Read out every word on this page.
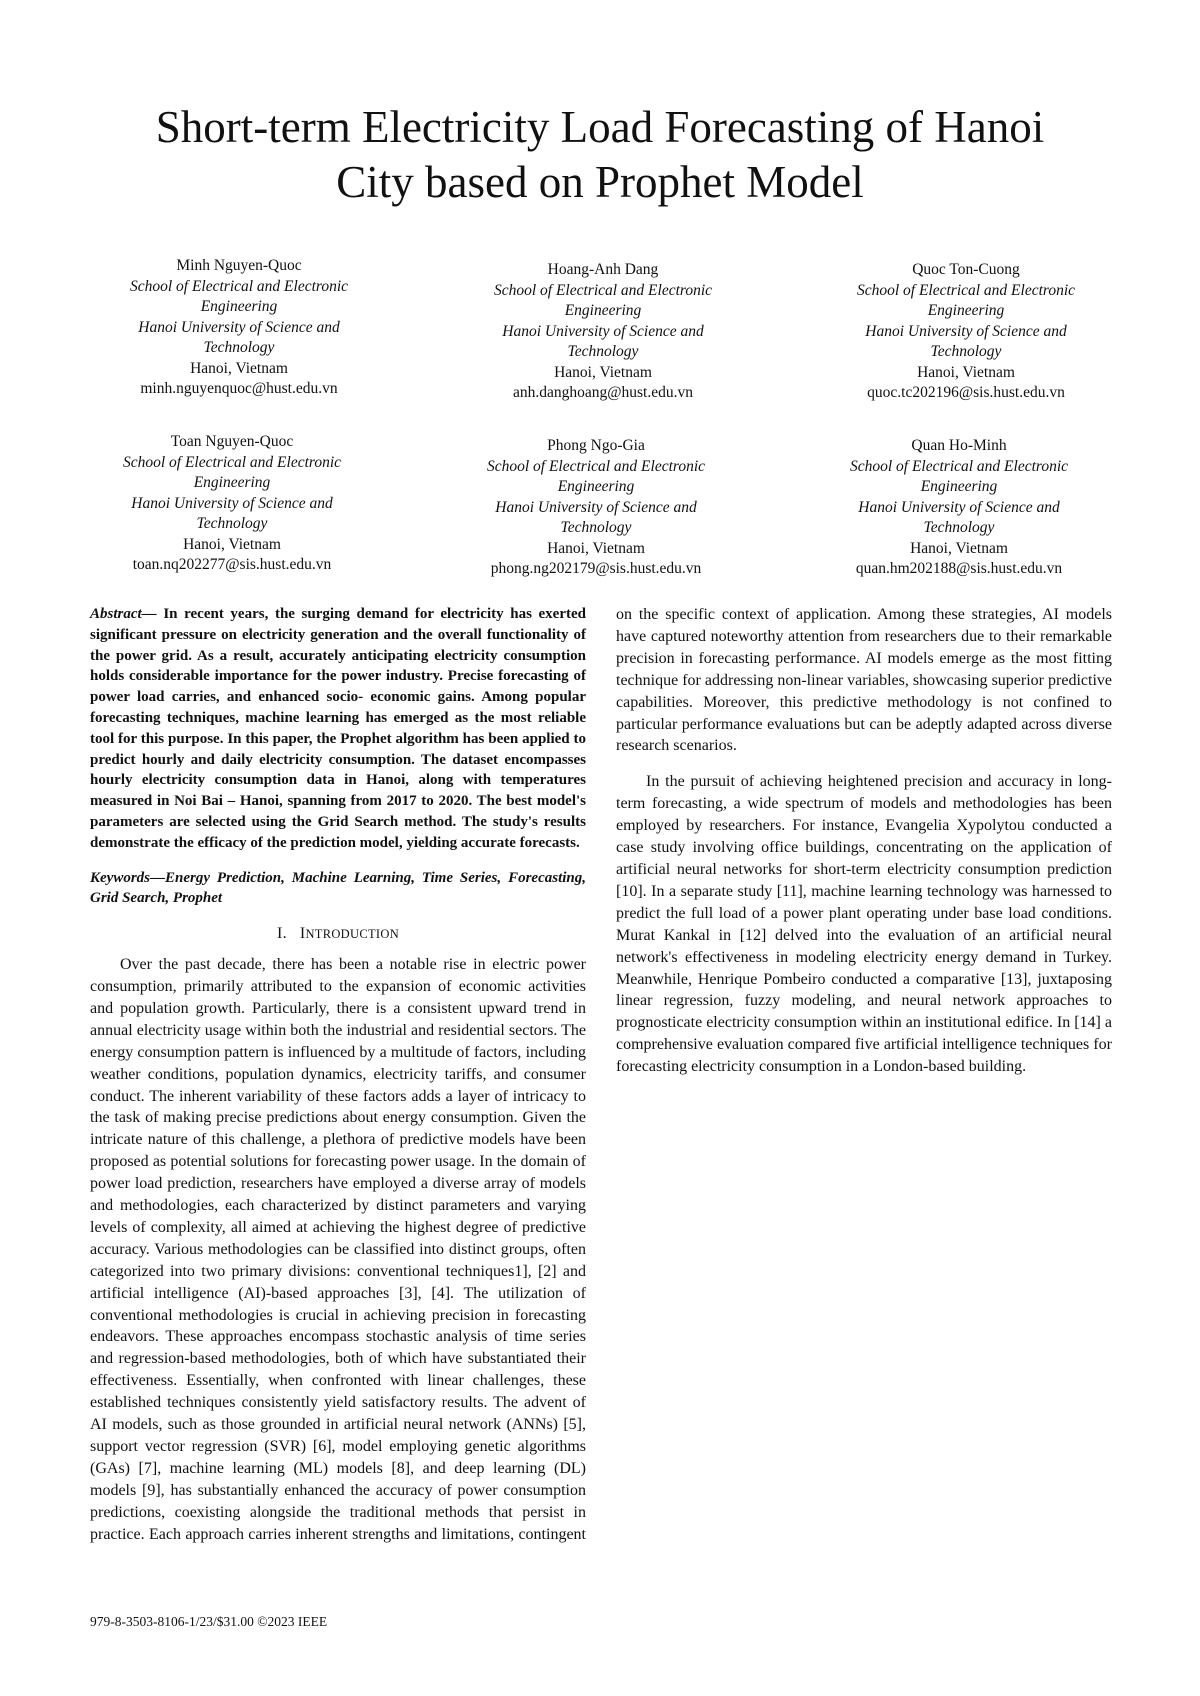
Short-term Electricity Load Forecasting of Hanoi
City based on Prophet Model
Minh Nguyen-Quoc
School of Electrical and Electronic
Engineering
Hanoi University of Science and
Technology
Hanoi, Vietnam
minh.nguyenquoc@hust.edu.vn
Hoang-Anh Dang
School of Electrical and Electronic
Engineering
Hanoi University of Science and
Technology
Hanoi, Vietnam
anh.danghoang@hust.edu.vn
Quoc Ton-Cuong
School of Electrical and Electronic
Engineering
Hanoi University of Science and
Technology
Hanoi, Vietnam
quoc.tc202196@sis.hust.edu.vn
Toan Nguyen-Quoc
School of Electrical and Electronic
Engineering
Hanoi University of Science and
Technology
Hanoi, Vietnam
toan.nq202277@sis.hust.edu.vn
Phong Ngo-Gia
School of Electrical and Electronic
Engineering
Hanoi University of Science and
Technology
Hanoi, Vietnam
phong.ng202179@sis.hust.edu.vn
Quan Ho-Minh
School of Electrical and Electronic
Engineering
Hanoi University of Science and
Technology
Hanoi, Vietnam
quan.hm202188@sis.hust.edu.vn

Abstract— In recent years, the surging demand for electricity has exerted significant pressure on electricity generation and the overall functionality of the power grid. As a result, accurately anticipating electricity consumption holds considerable importance for the power industry. Precise forecasting of power load carries, and enhanced socio- economic gains. Among popular forecasting techniques, machine learning has emerged as the most reliable tool for this purpose. In this paper, the Prophet algorithm has been applied to predict hourly and daily electricity consumption. The dataset encompasses hourly electricity consumption data in Hanoi, along with temperatures measured in Noi Bai – Hanoi, spanning from 2017 to 2020. The best model's parameters are selected using the Grid Search method. The study's results demonstrate the efficacy of the prediction model, yielding accurate forecasts.

Keywords—Energy Prediction, Machine Learning, Time Series, Forecasting, Grid Search, Prophet

I. INTRODUCTION

Over the past decade, there has been a notable rise in electric power consumption, primarily attributed to the expansion of economic activities and population growth. Particularly, there is a consistent upward trend in annual electricity usage within both the industrial and residential sectors. The energy consumption pattern is influenced by a multitude of factors, including weather conditions, population dynamics, electricity tariffs, and consumer conduct. The inherent variability of these factors adds a layer of intricacy to the task of making precise predictions about energy consumption. Given the intricate nature of this challenge, a plethora of predictive models have been proposed as potential solutions for forecasting power usage. In the domain of power load prediction, researchers have employed a diverse array of models and methodologies, each characterized by distinct parameters and varying levels of complexity, all aimed at achieving the highest degree of predictive accuracy. Various methodologies can be classified into distinct groups, often categorized into two primary divisions: conventional techniques1], [2] and artificial intelligence (AI)-based approaches [3], [4]. The utilization of conventional methodologies is crucial in achieving precision in forecasting endeavors. These approaches encompass stochastic analysis of time series and regression-based methodologies, both of which have substantiated their effectiveness. Essentially, when confronted with linear challenges, these established techniques consistently yield satisfactory results. The advent of AI models, such as those grounded in artificial neural network (ANNs) [5], support vector regression (SVR) [6], model employing genetic algorithms (GAs) [7], machine learning (ML) models [8], and deep learning (DL) models [9], has substantially enhanced the accuracy of power consumption predictions, coexisting alongside the traditional methods that persist in practice. Each approach carries inherent strengths and limitations, contingent on the specific context of application. Among these strategies, AI models have captured noteworthy attention from researchers due to their remarkable precision in forecasting performance. AI models emerge as the most fitting technique for addressing non-linear variables, showcasing superior predictive capabilities. Moreover, this predictive methodology is not confined to particular performance evaluations but can be adeptly adapted across diverse research scenarios.

In the pursuit of achieving heightened precision and accuracy in long-term forecasting, a wide spectrum of models and methodologies has been employed by researchers. For instance, Evangelia Xypolytou conducted a case study involving office buildings, concentrating on the application of artificial neural networks for short-term electricity consumption prediction [10]. In a separate study [11], machine learning technology was harnessed to predict the full load of a power plant operating under base load conditions. Murat Kankal in [12] delved into the evaluation of an artificial neural network's effectiveness in modeling electricity energy demand in Turkey. Meanwhile, Henrique Pombeiro conducted a comparative [13], juxtaposing linear regression, fuzzy modeling, and neural network approaches to prognosticate electricity consumption within an institutional edifice. In [14] a comprehensive evaluation compared five artificial intelligence techniques for forecasting electricity consumption in a London-based building.

979-8-3503-8106-1/23/$31.00 ©2023 IEEE
